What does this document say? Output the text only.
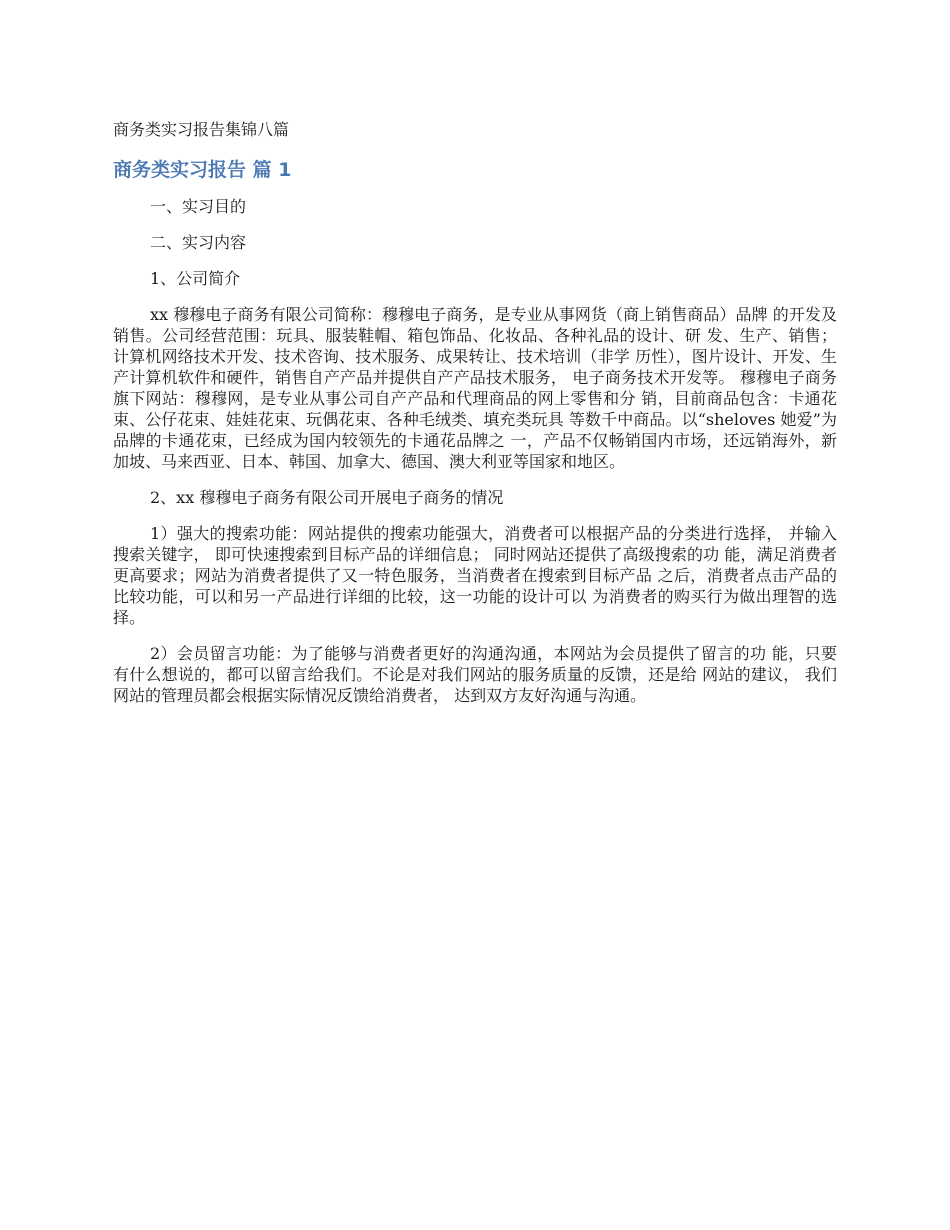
商务类实习报告集锦八篇
商务类实习报告 篇 1

一、实习目的

二、实习内容

1、公司简介

xx 穆穆电子商务有限公司简称：穆穆电子商务，是专业从事网货（商上销售商品）品牌 的开发及销售。公司经营范围：玩具、服装鞋帽、箱包饰品、化妆品、各种礼品的设计、研 发、生产、销售；计算机网络技术开发、技术咨询、技术服务、成果转让、技术培训（非学 历性），图片设计、开发、生产计算机软件和硬件，销售自产产品并提供自产产品技术服务， 电子商务技术开发等。 穆穆电子商务旗下网站：穆穆网，是专业从事公司自产产品和代理商品的网上零售和分 销，目前商品包含：卡通花束、公仔花束、娃娃花束、玩偶花束、各种毛绒类、填充类玩具 等数千中商品。以“sheloves 她爱”为品牌的卡通花束，已经成为国内较领先的卡通花品牌之 一，产品不仅畅销国内市场，还远销海外，新加坡、马来西亚、日本、韩国、加拿大、德国、澳大利亚等国家和地区。

2、xx 穆穆电子商务有限公司开展电子商务的情况

1）强大的搜索功能：网站提供的搜索功能强大，消费者可以根据产品的分类进行选择， 并输入搜索关键字， 即可快速搜索到目标产品的详细信息； 同时网站还提供了高级搜索的功 能，满足消费者更高要求；网站为消费者提供了又一特色服务，当消费者在搜索到目标产品 之后，消费者点击产品的比较功能，可以和另一产品进行详细的比较，这一功能的设计可以 为消费者的购买行为做出理智的选择。

2）会员留言功能：为了能够与消费者更好的沟通沟通，本网站为会员提供了留言的功 能，只要有什么想说的，都可以留言给我们。不论是对我们网站的服务质量的反馈，还是给 网站的建议， 我们网站的管理员都会根据实际情况反馈给消费者， 达到双方友好沟通与沟通。
